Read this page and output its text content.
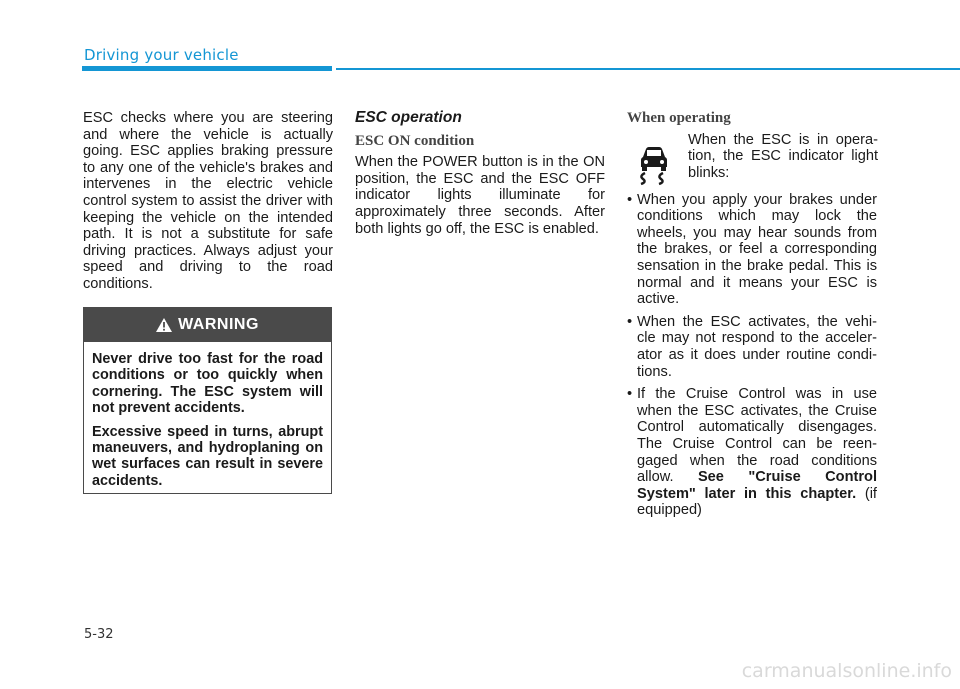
Driving your vehicle

ESC checks where you are steering and where the vehicle is actually going. ESC applies braking pressure to any one of the vehicle's brakes and intervenes in the electric vehicle control system to assist the driver with keeping the vehicle on the intended path. It is not a substitute for safe driving practices. Always adjust your speed and driving to the road conditions.

WARNING

Never drive too fast for the road conditions or too quickly when cornering. The ESC system will not prevent accidents.

Excessive speed in turns, abrupt maneuvers, and hydroplaning on wet surfaces can result in severe accidents.

ESC operation
ESC ON condition

When the POWER button is in the ON position, the ESC and the ESC OFF indicator lights illuminate for approximately three seconds. After both lights go off, the ESC is enabled.

When operating
When the ESC is in opera-tion, the ESC indicator light blinks:
• When you apply your brakes under conditions which may lock the wheels, you may hear sounds from the brakes, or feel a corresponding sensation in the brake pedal. This is normal and it means your ESC is active.
• When the ESC activates, the vehi-cle may not respond to the acceler-ator as it does under routine condi-tions.
• If the Cruise Control was in use when the ESC activates, the Cruise Control automatically disengages. The Cruise Control can be reen-gaged when the road conditions allow. See "Cruise Control System" later in this chapter. (if equipped)
5-32
carmanualsonline.info
